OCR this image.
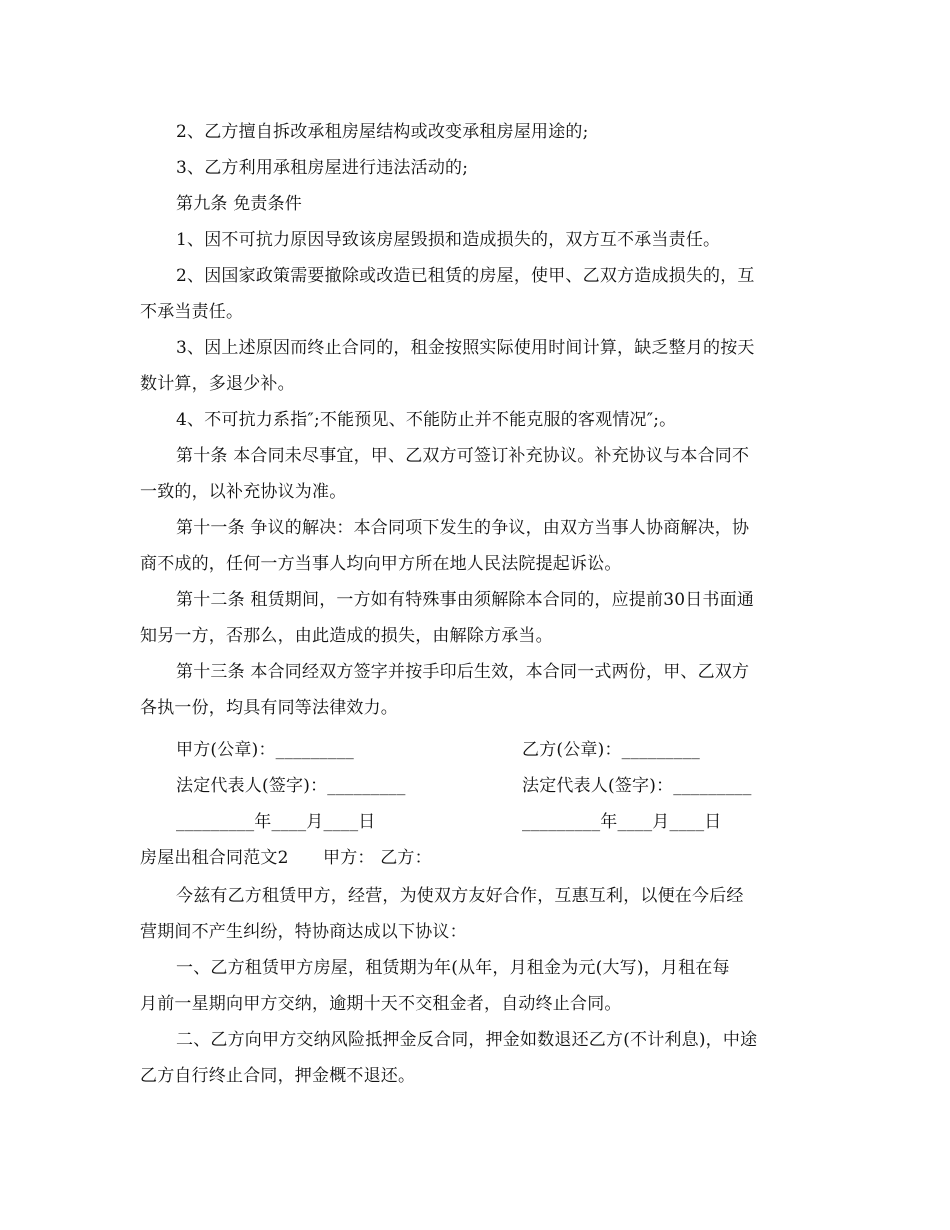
2、乙方擅自拆改承租房屋结构或改变承租房屋用途的;
3、乙方利用承租房屋进行违法活动的;
第九条 免责条件
1、因不可抗力原因导致该房屋毁损和造成损失的，双方互不承当责任。
2、因国家政策需要撤除或改造已租赁的房屋，使甲、乙双方造成损失的，互
不承当责任。
3、因上述原因而终止合同的，租金按照实际使用时间计算，缺乏整月的按天
数计算，多退少补。
4、不可抗力系指″;不能预见、不能防止并不能克服的客观情况″;。
第十条 本合同未尽事宜，甲、乙双方可签订补充协议。补充协议与本合同不
一致的，以补充协议为准。
第十一条 争议的解决：本合同项下发生的争议，由双方当事人协商解决，协
商不成的，任何一方当事人均向甲方所在地人民法院提起诉讼。
第十二条 租赁期间，一方如有特殊事由须解除本合同的，应提前30日书面通
知另一方，否那么，由此造成的损失，由解除方承当。
第十三条 本合同经双方签字并按手印后生效，本合同一式两份，甲、乙双方
各执一份，均具有同等法律效力。
甲方(公章)：_________	乙方(公章)：_________
法定代表人(签字)：_________	法定代表人(签字)：_________
_________年____月____日	_________年____月____日
房屋出租合同范文2　　甲方： 乙方：
今兹有乙方租赁甲方，经营，为使双方友好合作，互惠互利，以便在今后经
营期间不产生纠纷，特协商达成以下协议：
一、乙方租赁甲方房屋，租赁期为年(从年，月租金为元(大写)，月租在每
月前一星期向甲方交纳，逾期十天不交租金者，自动终止合同。
二、乙方向甲方交纳风险抵押金反合同，押金如数退还乙方(不计利息)，中途
乙方自行终止合同，押金概不退还。
